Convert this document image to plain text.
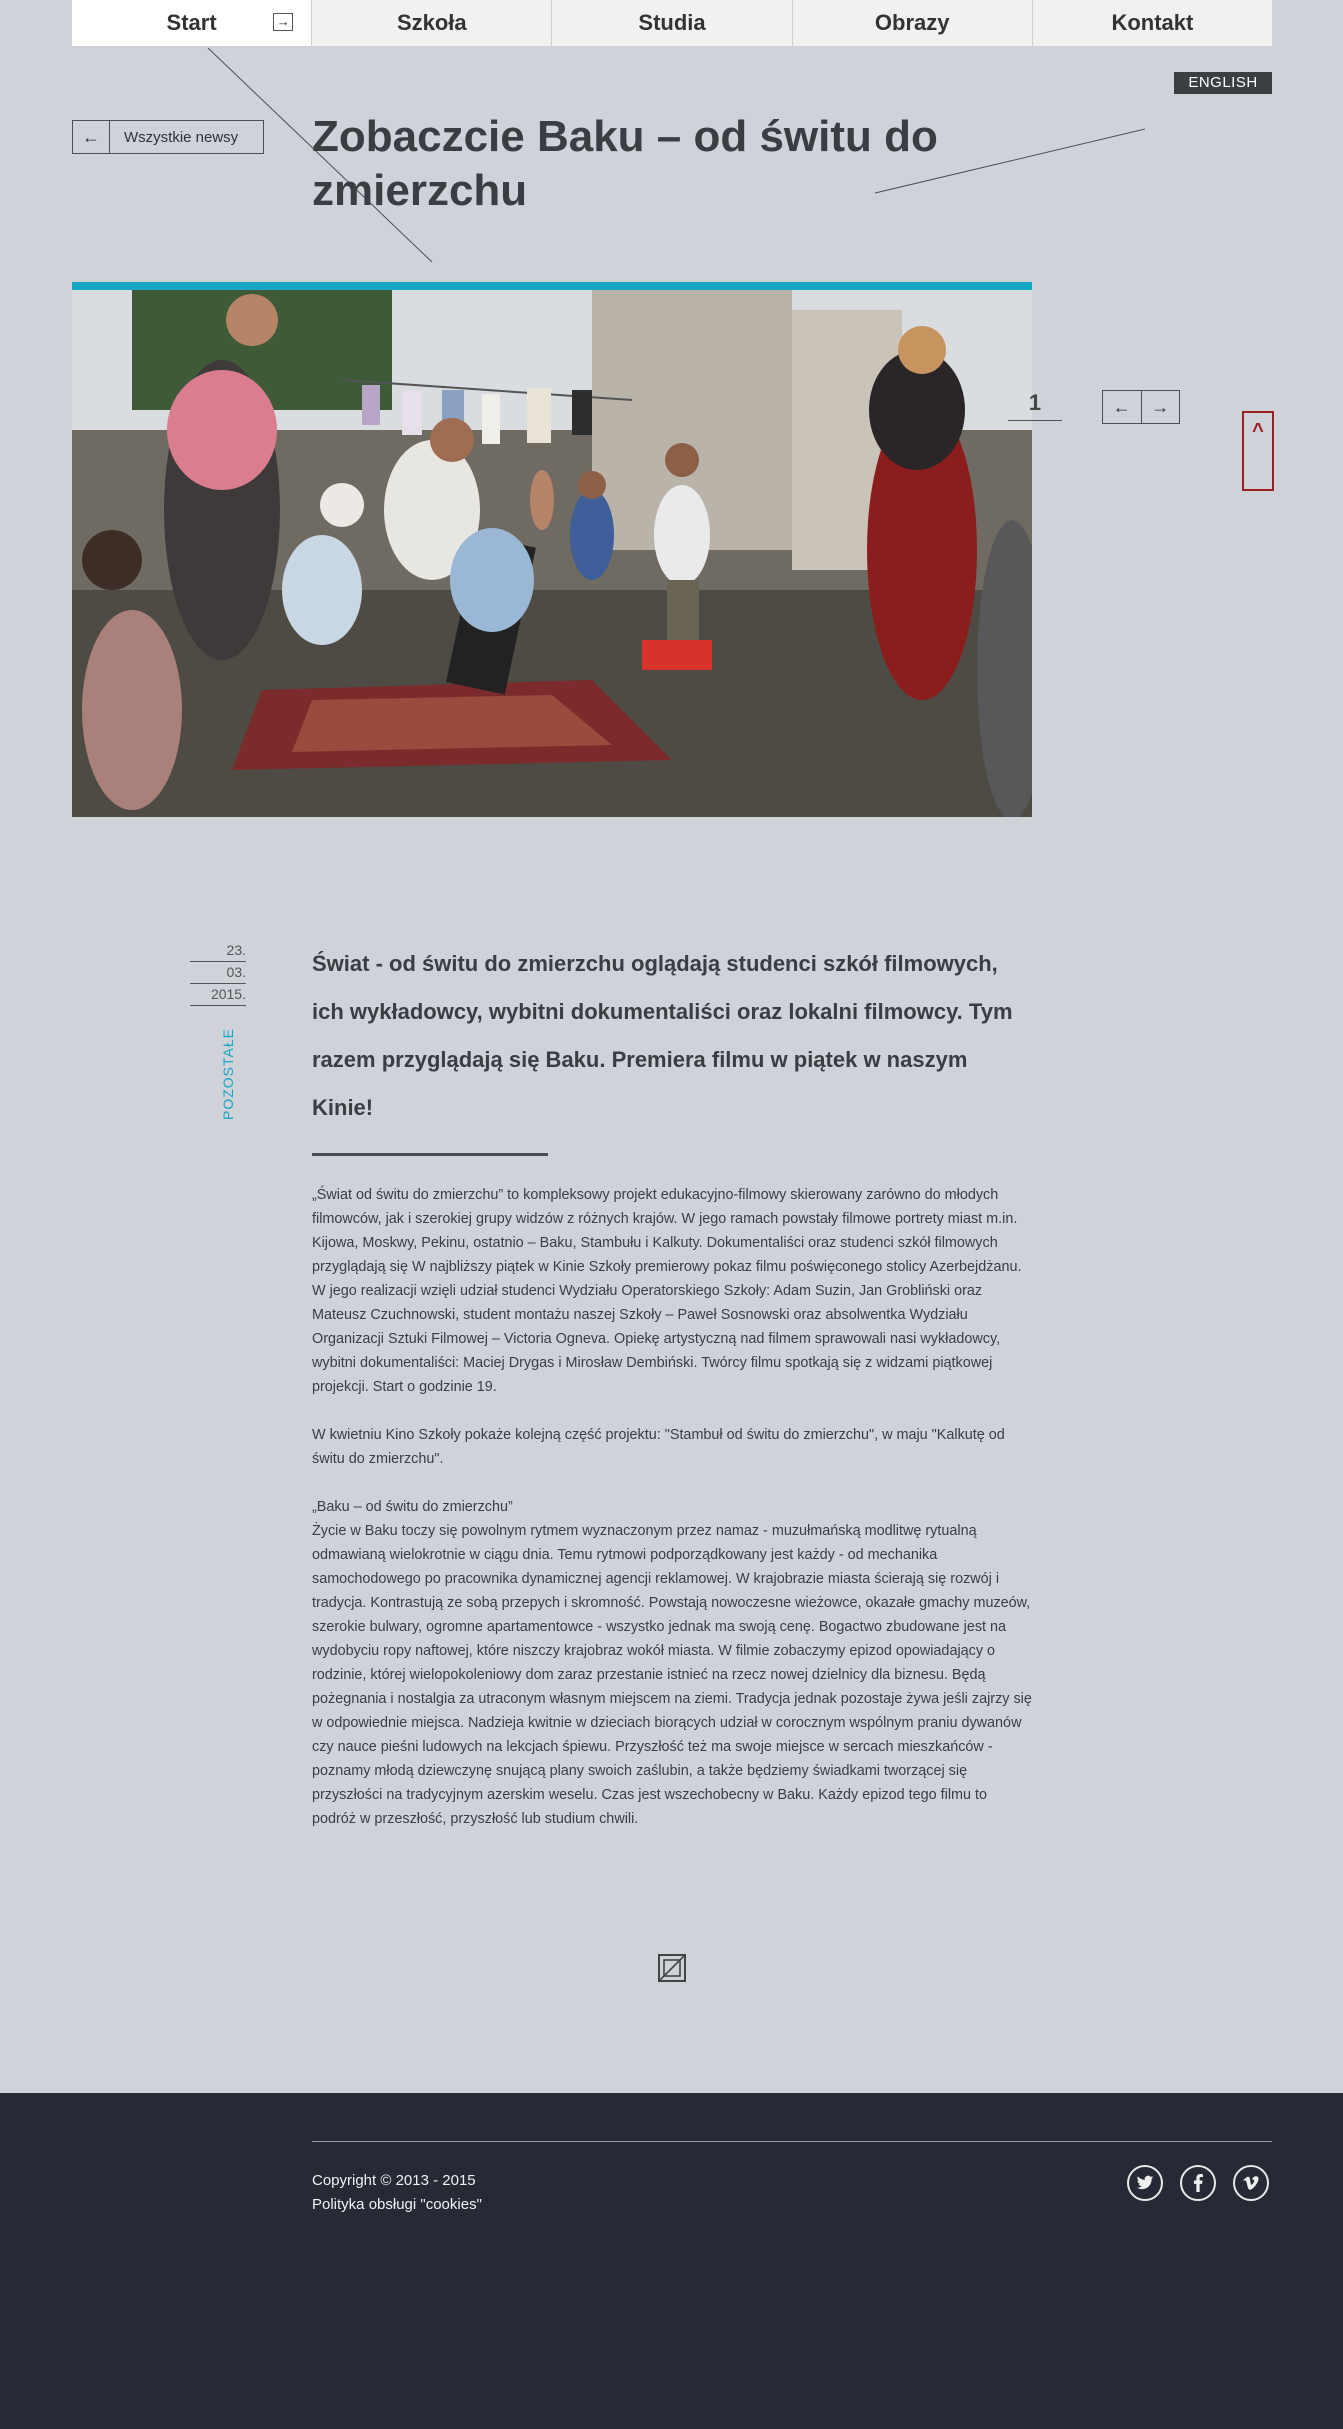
Start	→	Szkoła	Studia	Obrazy	Kontakt
ENGLISH
←	Wszystkie newsy Zobaczcie Baku – od świtu do zmierzchu
1	←	→
^
23.
03.
2015.
POZOSTAŁE

Świat - od świtu do zmierzchu oglądają studenci szkół filmowych, ich wykładowcy, wybitni dokumentaliści oraz lokalni filmowcy. Tym razem przyglądają się Baku. Premiera filmu w piątek w naszym Kinie!

„Świat od świtu do zmierzchu” to kompleksowy projekt edukacyjno-filmowy skierowany zarówno do młodych filmowców, jak i szerokiej grupy widzów z różnych krajów. W jego ramach powstały filmowe portrety miast m.in. Kijowa, Moskwy, Pekinu, ostatnio – Baku, Stambułu i Kalkuty. Dokumentaliści oraz studenci szkół filmowych przyglądają się W najbliższy piątek w Kinie Szkoły premierowy pokaz filmu poświęconego stolicy Azerbejdżanu. W jego realizacji wzięli udział studenci Wydziału Operatorskiego Szkoły: Adam Suzin, Jan Grobliński oraz Mateusz Czuchnowski, student montażu naszej Szkoły – Paweł Sosnowski oraz absolwentka Wydziału Organizacji Sztuki Filmowej – Victoria Ogneva. Opiekę artystyczną nad filmem sprawowali nasi wykładowcy, wybitni dokumentaliści: Maciej Drygas i Mirosław Dembiński. Twórcy filmu spotkają się z widzami piątkowej projekcji. Start o godzinie 19.

W kwietniu Kino Szkoły pokaże kolejną część projektu: "Stambuł od świtu do zmierzchu", w maju "Kalkutę od świtu do zmierzchu".

„Baku – od świtu do zmierzchu”
Życie w Baku toczy się powolnym rytmem wyznaczonym przez namaz - muzułmańską modlitwę rytualną odmawianą wielokrotnie w ciągu dnia. Temu rytmowi podporządkowany jest każdy - od mechanika samochodowego po pracownika dynamicznej agencji reklamowej. W krajobrazie miasta ścierają się rozwój i tradycja. Kontrastują ze sobą przepych i skromność. Powstają nowoczesne wieżowce, okazałe gmachy muzeów, szerokie bulwary, ogromne apartamentowce - wszystko jednak ma swoją cenę. Bogactwo zbudowane jest na wydobyciu ropy naftowej, które niszczy krajobraz wokół miasta. W filmie zobaczymy epizod opowiadający o rodzinie, której wielopokoleniowy dom zaraz przestanie istnieć na rzecz nowej dzielnicy dla biznesu. Będą pożegnania i nostalgia za utraconym własnym miejscem na ziemi. Tradycja jednak pozostaje żywa jeśli zajrzy się w odpowiednie miejsca. Nadzieja kwitnie w dzieciach biorących udział w corocznym wspólnym praniu dywanów czy nauce pieśni ludowych na lekcjach śpiewu. Przyszłość też ma swoje miejsce w sercach mieszkańców - poznamy młodą dziewczynę snującą plany swoich zaślubin, a także będziemy świadkami tworzącej się przyszłości na tradycyjnym azerskim weselu. Czas jest wszechobecny w Baku. Każdy epizod tego filmu to podróż w przeszłość, przyszłość lub studium chwili.
Copyright © 2013 - 2015
Polityka obsługi "cookies"
